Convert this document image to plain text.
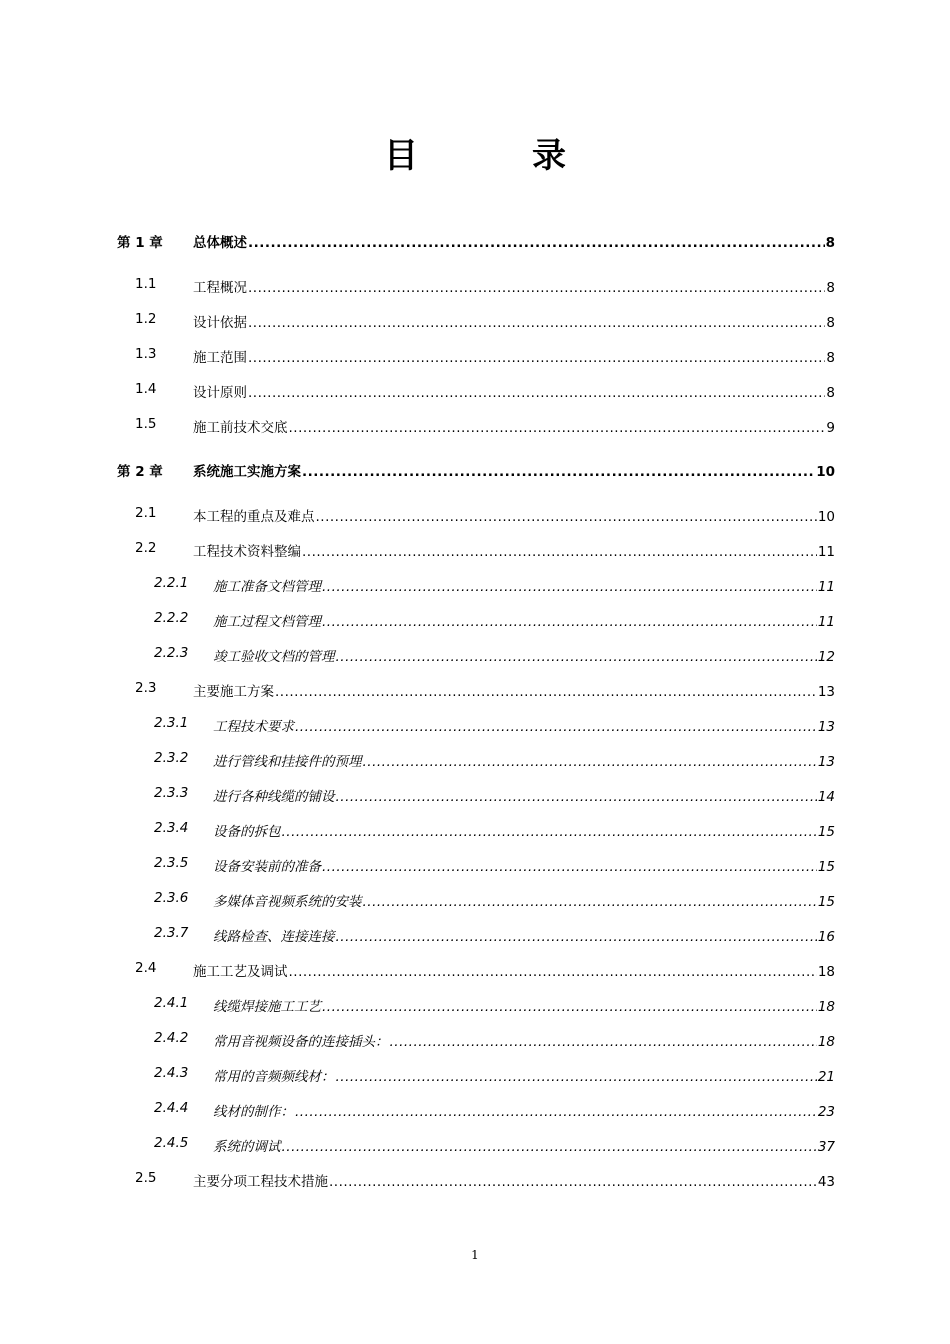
目　录
第 1 章 总体概述 .....	8
1.1	工程概况 .....	8
1.2	设计依据 .....	8
1.3	施工范围 .....	8
1.4	设计原则 .....	8
1.5	施工前技术交底 .....	9
第 2 章 系统施工实施方案 .....	10
2.1	本工程的重点及难点 .....	10
2.2	工程技术资料整编 .....	11
2.2.1 施工准备文档管理 .....	11
2.2.2 施工过程文档管理 .....	11
2.2.3 竣工验收文档的管理 .....	12
2.3	主要施工方案 .....	13
2.3.1 工程技术要求 .....	13
2.3.2 进行管线和挂接件的预埋 .....	13
2.3.3 进行各种线缆的铺设 .....	14
2.3.4 设备的拆包 .....	15
2.3.5 设备安装前的准备 .....	15
2.3.6 多媒体音视频系统的安装 .....	15
2.3.7 线路检查、连接连接 .....	16
2.4	施工工艺及调试 .....	18
2.4.1 线缆焊接施工工艺 .....	18
2.4.2 常用音视频设备的连接插头： .....	18
2.4.3 常用的音频频线材： .....	21
2.4.4 线材的制作： .....	23
2.4.5 系统的调试 .....	37
2.5	主要分项工程技术措施 .....	43
1
